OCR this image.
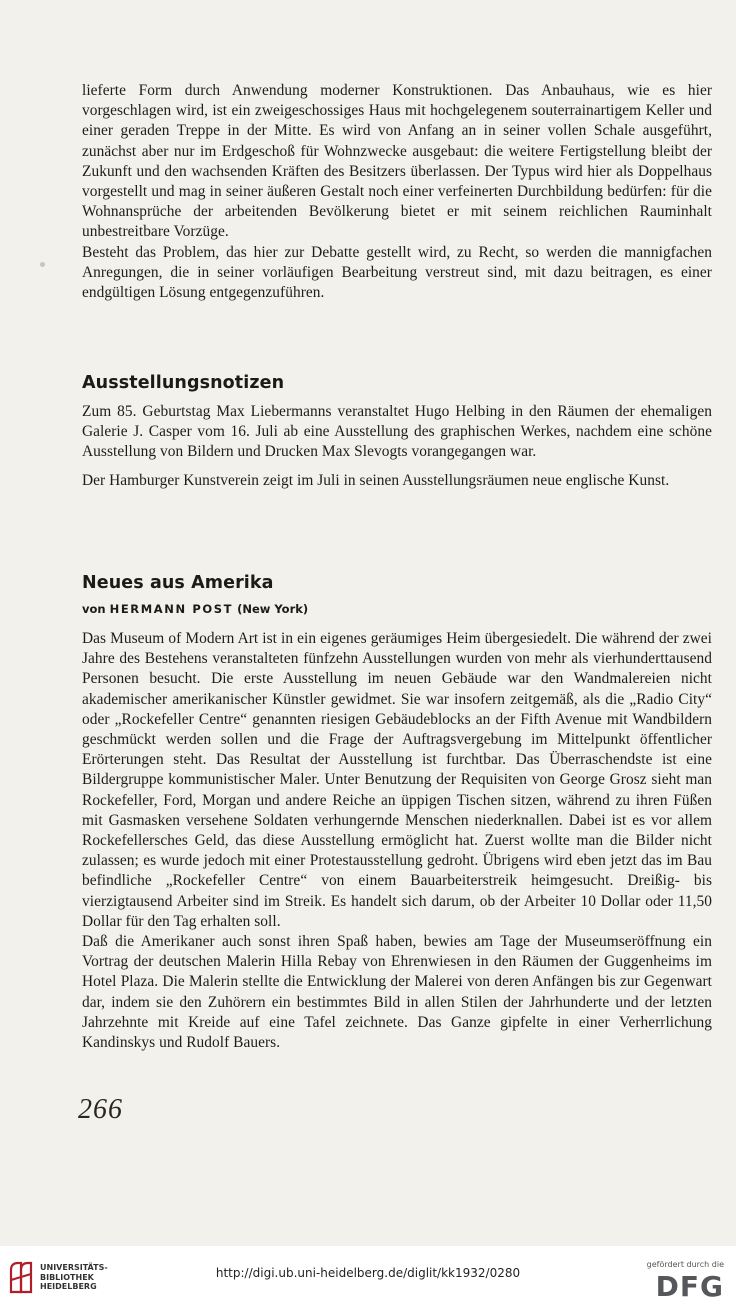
lieferte Form durch Anwendung moderner Konstruktionen. Das Anbauhaus, wie es hier vorgeschlagen wird, ist ein zweigeschossiges Haus mit hochgelegenem souterrainartigem Keller und einer geraden Treppe in der Mitte. Es wird von Anfang an in seiner vollen Schale ausgeführt, zunächst aber nur im Erdgeschoß für Wohnzwecke ausgebaut: die weitere Fertigstellung bleibt der Zukunft und den wachsenden Kräften des Besitzers überlassen. Der Typus wird hier als Doppelhaus vorgestellt und mag in seiner äußeren Gestalt noch einer verfeinerten Durchbildung bedürfen: für die Wohnansprüche der arbeitenden Bevölkerung bietet er mit seinem reichlichen Rauminhalt unbestreitbare Vorzüge.

Besteht das Problem, das hier zur Debatte gestellt wird, zu Recht, so werden die mannigfachen Anregungen, die in seiner vorläufigen Bearbeitung verstreut sind, mit dazu beitragen, es einer endgültigen Lösung entgegenzuführen.

Ausstellungsnotizen

Zum 85. Geburtstag Max Liebermanns veranstaltet Hugo Helbing in den Räumen der ehemaligen Galerie J. Casper vom 16. Juli ab eine Ausstellung des graphischen Werkes, nachdem eine schöne Ausstellung von Bildern und Drucken Max Slevogts vorangegangen war.

Der Hamburger Kunstverein zeigt im Juli in seinen Ausstellungsräumen neue englische Kunst.

Neues aus Amerika

von HERMANN POST (New York)

Das Museum of Modern Art ist in ein eigenes geräumiges Heim übergesiedelt. Die während der zwei Jahre des Bestehens veranstalteten fünfzehn Ausstellungen wurden von mehr als vierhunderttausend Personen besucht. Die erste Ausstellung im neuen Gebäude war den Wandmalereien nicht akademischer amerikanischer Künstler gewidmet. Sie war insofern zeitgemäß, als die „Radio City“ oder „Rockefeller Centre“ genannten riesigen Gebäudeblocks an der Fifth Avenue mit Wandbildern geschmückt werden sollen und die Frage der Auftragsvergebung im Mittelpunkt öffentlicher Erörterungen steht. Das Resultat der Ausstellung ist furchtbar. Das Überraschendste ist eine Bildergruppe kommunistischer Maler. Unter Benutzung der Requisiten von George Grosz sieht man Rockefeller, Ford, Morgan und andere Reiche an üppigen Tischen sitzen, während zu ihren Füßen mit Gasmasken versehene Soldaten verhungernde Menschen niederknallen. Dabei ist es vor allem Rockefellersches Geld, das diese Ausstellung ermöglicht hat. Zuerst wollte man die Bilder nicht zulassen; es wurde jedoch mit einer Protestausstellung gedroht. Übrigens wird eben jetzt das im Bau befindliche „Rockefeller Centre“ von einem Bauarbeiterstreik heimgesucht. Dreißig- bis vierzigtausend Arbeiter sind im Streik. Es handelt sich darum, ob der Arbeiter 10 Dollar oder 11,50 Dollar für den Tag erhalten soll.

Daß die Amerikaner auch sonst ihren Spaß haben, bewies am Tage der Museumseröffnung ein Vortrag der deutschen Malerin Hilla Rebay von Ehrenwiesen in den Räumen der Guggenheims im Hotel Plaza. Die Malerin stellte die Entwicklung der Malerei von deren Anfängen bis zur Gegenwart dar, indem sie den Zuhörern ein bestimmtes Bild in allen Stilen der Jahrhunderte und der letzten Jahrzehnte mit Kreide auf eine Tafel zeichnete. Das Ganze gipfelte in einer Verherrlichung Kandinskys und Rudolf Bauers.

266
UNIVERSITÄTS-
BIBLIOTHEK
HEIDELBERG
http://digi.ub.uni-heidelberg.de/diglit/kk1932/0280
gefördert durch die
DFG
